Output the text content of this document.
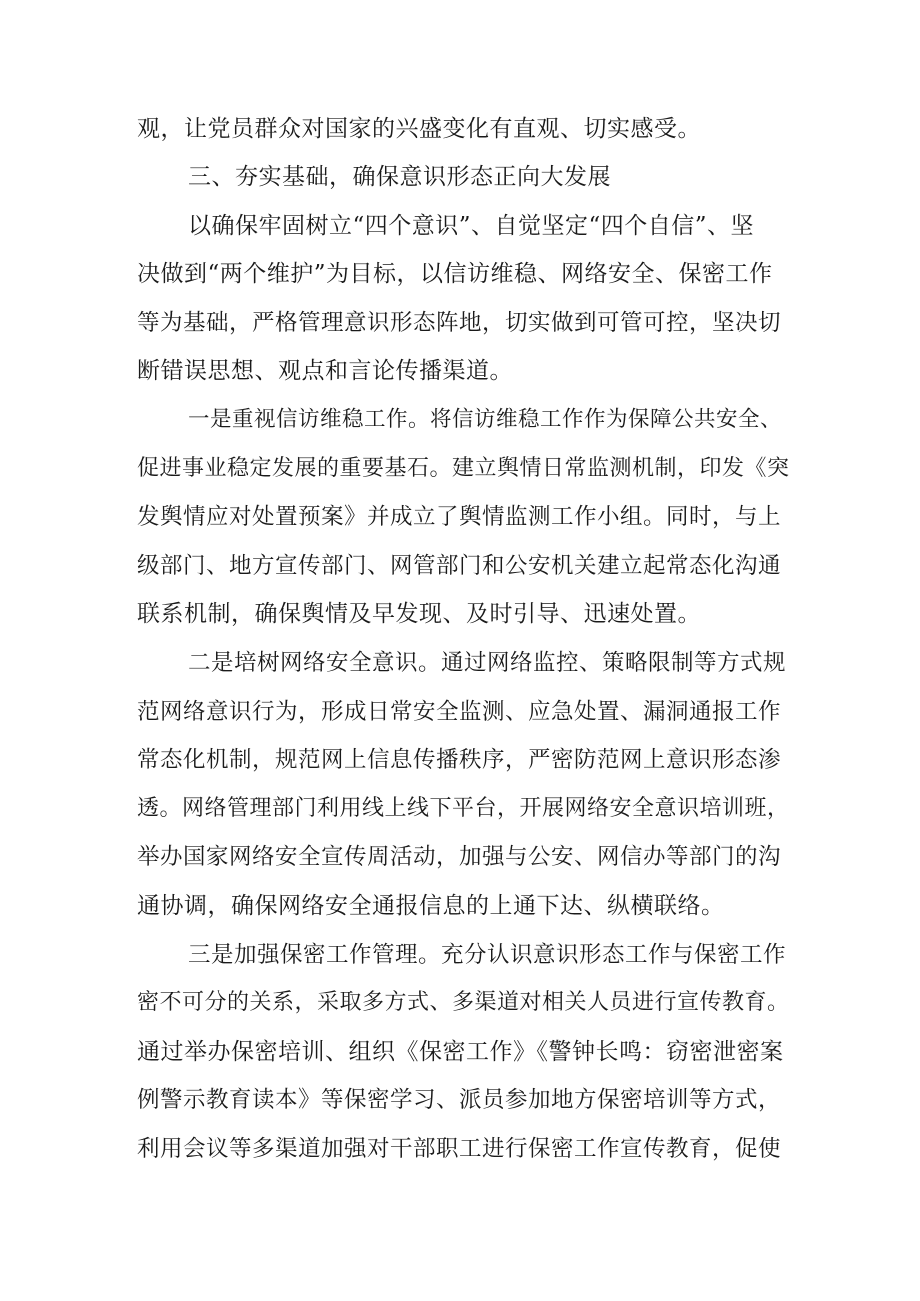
观，让党员群众对国家的兴盛变化有直观、切实感受。
三、夯实基础，确保意识形态正向大发展
以确保牢固树立“四个意识”、自觉坚定“四个自信”、坚
决做到“两个维护”为目标，以信访维稳、网络安全、保密工作
等为基础，严格管理意识形态阵地，切实做到可管可控，坚决切
断错误思想、观点和言论传播渠道。
一是重视信访维稳工作。将信访维稳工作作为保障公共安全、
促进事业稳定发展的重要基石。建立舆情日常监测机制，印发《突
发舆情应对处置预案》并成立了舆情监测工作小组。同时，与上
级部门、地方宣传部门、网管部门和公安机关建立起常态化沟通
联系机制，确保舆情及早发现、及时引导、迅速处置。
二是培树网络安全意识。通过网络监控、策略限制等方式规
范网络意识行为，形成日常安全监测、应急处置、漏洞通报工作
常态化机制，规范网上信息传播秩序，严密防范网上意识形态渗
透。网络管理部门利用线上线下平台，开展网络安全意识培训班，
举办国家网络安全宣传周活动，加强与公安、网信办等部门的沟
通协调，确保网络安全通报信息的上通下达、纵横联络。
三是加强保密工作管理。充分认识意识形态工作与保密工作
密不可分的关系，采取多方式、多渠道对相关人员进行宣传教育。
通过举办保密培训、组织《保密工作》《警钟长鸣：窃密泄密案
例警示教育读本》等保密学习、派员参加地方保密培训等方式，
利用会议等多渠道加强对干部职工进行保密工作宣传教育，促使
